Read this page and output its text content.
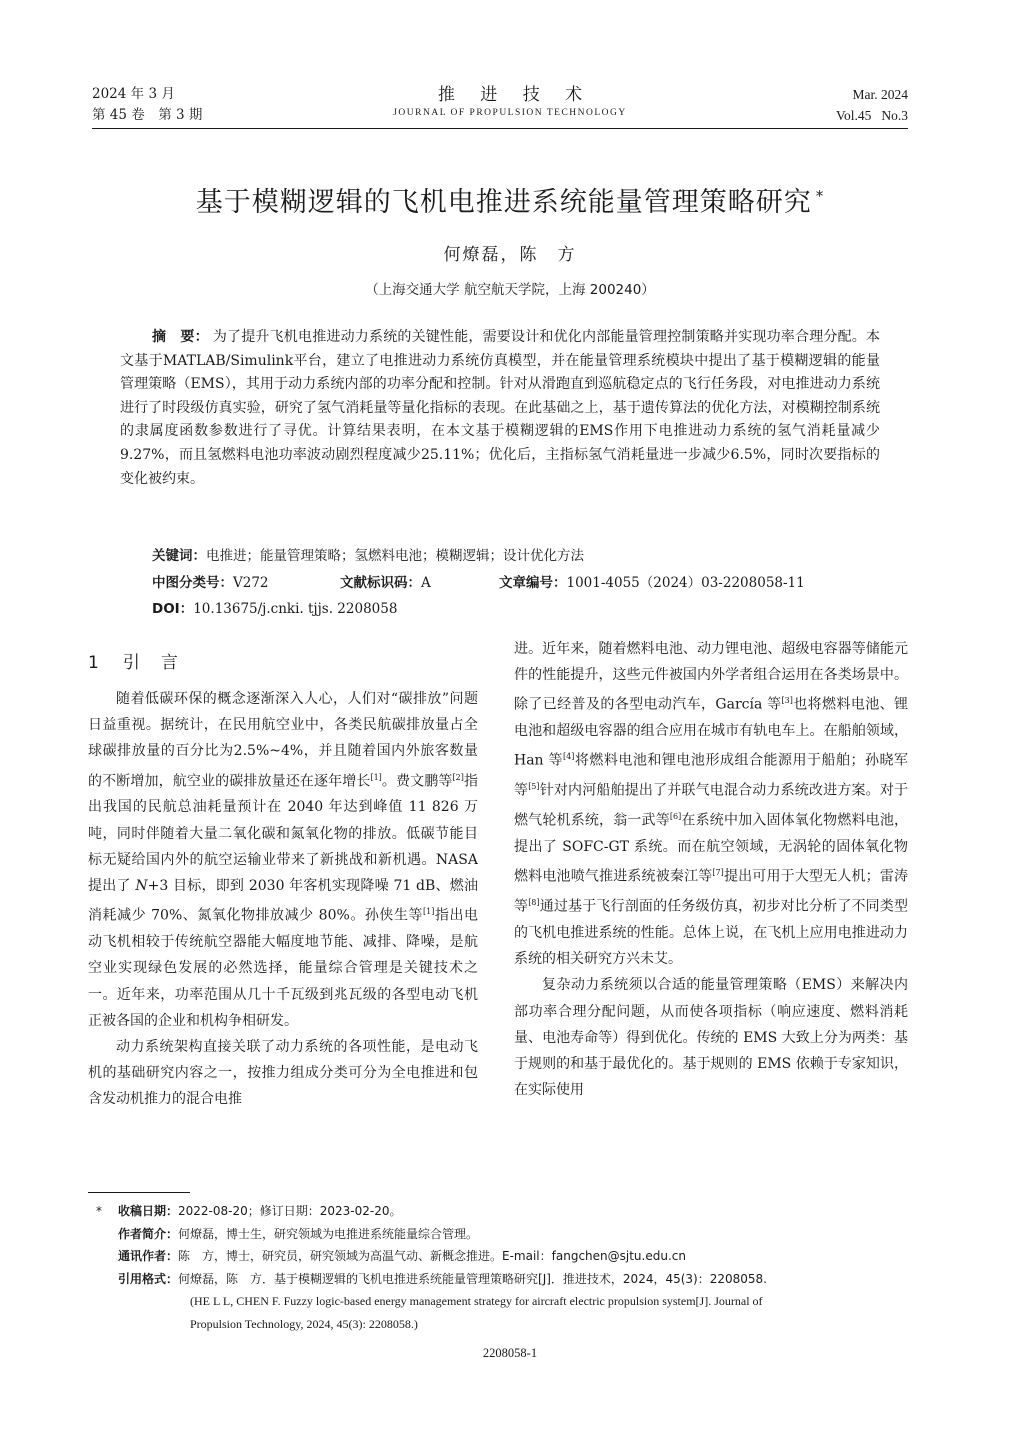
2024 年 3 月
第 45 卷　第 3 期
推 进 技 术
JOURNAL OF PROPULSION TECHNOLOGY
Mar. 2024
Vol.45 No.3
基于模糊逻辑的飞机电推进系统能量管理策略研究 *
何燎磊，陈　方
（上海交通大学 航空航天学院，上海 200240）
摘　要： 为了提升飞机电推进动力系统的关键性能，需要设计和优化内部能量管理控制策略并实现功率合理分配。本文基于MATLAB/Simulink平台，建立了电推进动力系统仿真模型，并在能量管理系统模块中提出了基于模糊逻辑的能量管理策略（EMS），其用于动力系统内部的功率分配和控制。针对从滑跑直到巡航稳定点的飞行任务段，对电推进动力系统进行了时段级仿真实验，研究了氢气消耗量等量化指标的表现。在此基础之上，基于遗传算法的优化方法，对模糊控制系统的隶属度函数参数进行了寻优。计算结果表明，在本文基于模糊逻辑的EMS作用下电推进动力系统的氢气消耗量减少9.27%，而且氢燃料电池功率波动剧烈程度减少25.11%；优化后，主指标氢气消耗量进一步减少6.5%，同时次要指标的变化被约束。
关键词：电推进；能量管理策略；氢燃料电池；模糊逻辑；设计优化方法
中图分类号：V272	文献标识码：A	文章编号：1001-4055（2024）03-2208058-11
DOI：10.13675/j.cnki. tjjs. 2208058
1 引　言

随着低碳环保的概念逐渐深入人心，人们对“碳排放”问题日益重视。据统计，在民用航空业中，各类民航碳排放量占全球碳排放量的百分比为2.5%~4%，并且随着国内外旅客数量的不断增加，航空业的碳排放量还在逐年增长[1]。费文鹏等[2]指出我国的民航总油耗量预计在 2040 年达到峰值 11 826 万吨，同时伴随着大量二氧化碳和氮氧化物的排放。低碳节能目标无疑给国内外的航空运输业带来了新挑战和新机遇。NASA 提出了 N+3 目标，即到 2030 年客机实现降噪 71 dB、燃油消耗减少 70%、氮氧化物排放减少 80%。孙侠生等[1]指出电动飞机相较于传统航空器能大幅度地节能、减排、降噪，是航空业实现绿色发展的必然选择，能量综合管理是关键技术之一。近年来，功率范围从几十千瓦级到兆瓦级的各型电动飞机正被各国的企业和机构争相研发。

动力系统架构直接关联了动力系统的各项性能，是电动飞机的基础研究内容之一，按推力组成分类可分为全电推进和包含发动机推力的混合电推

进。近年来，随着燃料电池、动力锂电池、超级电容器等储能元件的性能提升，这些元件被国内外学者组合运用在各类场景中。除了已经普及的各型电动汽车，García 等[3]也将燃料电池、锂电池和超级电容器的组合应用在城市有轨电车上。在船舶领域，Han 等[4]将燃料电池和锂电池形成组合能源用于船舶；孙晓军等[5]针对内河船舶提出了并联气电混合动力系统改进方案。对于燃气轮机系统，翁一武等[6]在系统中加入固体氧化物燃料电池，提出了 SOFC-GT 系统。而在航空领域，无涡轮的固体氧化物燃料电池喷气推进系统被秦江等[7]提出可用于大型无人机；雷涛等[8]通过基于飞行剖面的任务级仿真，初步对比分析了不同类型的飞机电推进系统的性能。总体上说，在飞机上应用电推进动力系统的相关研究方兴未艾。

复杂动力系统须以合适的能量管理策略（EMS）来解决内部功率合理分配问题，从而使各项指标（响应速度、燃料消耗量、电池寿命等）得到优化。传统的 EMS 大致上分为两类：基于规则的和基于最优化的。基于规则的 EMS 依赖于专家知识，在实际使用

*	收稿日期： 2022-08-20；修订日期：2023-02-20。
作者简介： 何燎磊，博士生，研究领域为电推进系统能量综合管理。
通讯作者： 陈　方，博士，研究员，研究领域为高温气动、新概念推进。E-mail：fangchen@sjtu.edu.cn
引用格式： 何燎磊，陈　方．基于模糊逻辑的飞机电推进系统能量管理策略研究[J]．推进技术，2024，45(3)：2208058.
(HE L L, CHEN F. Fuzzy logic-based energy management strategy for aircraft electric propulsion system[J]. Journal of
Propulsion Technology, 2024, 45(3): 2208058.)
2208058-1
